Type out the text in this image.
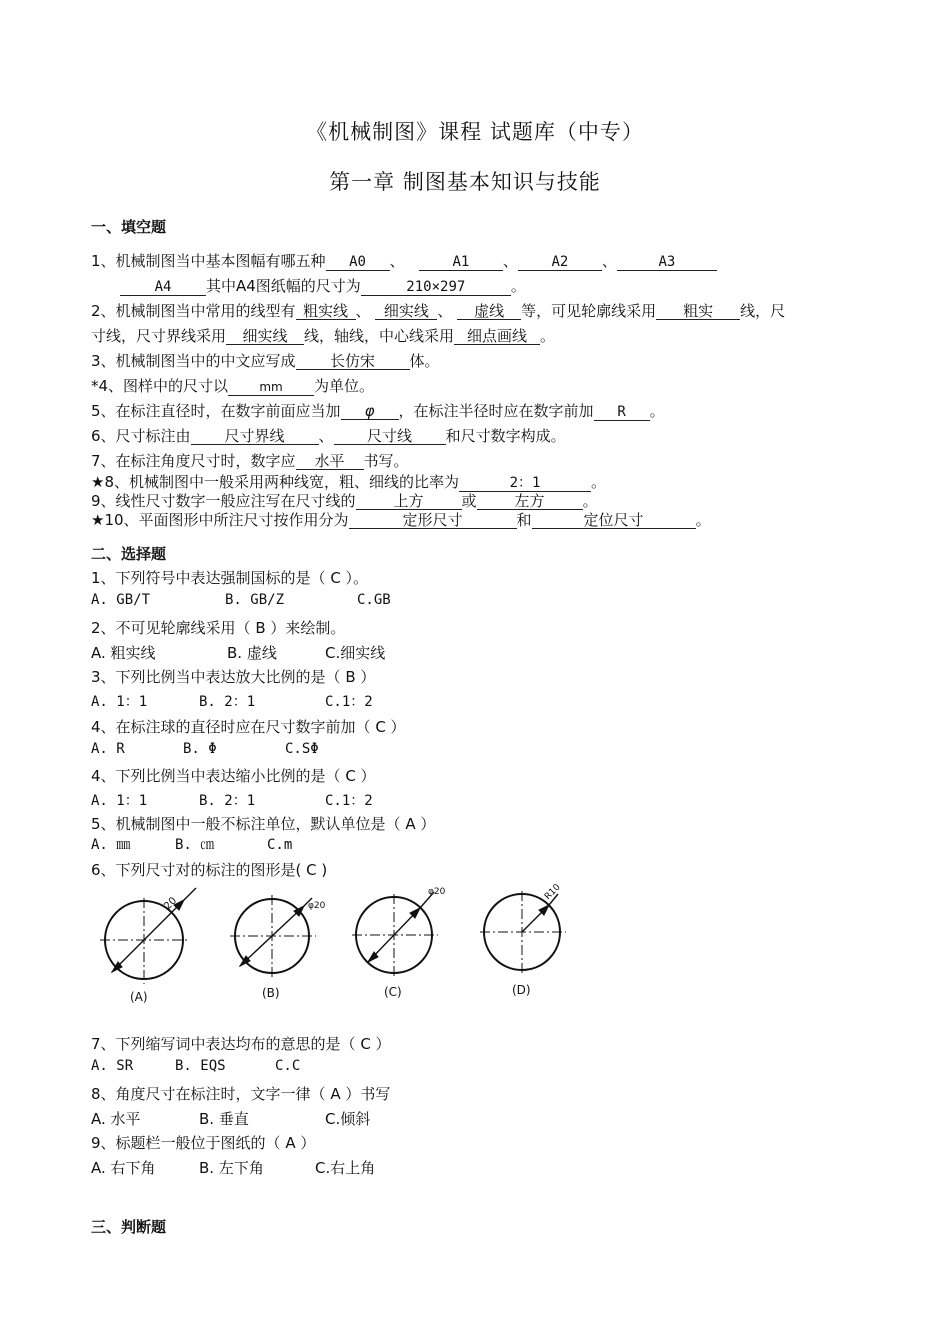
《机械制图》课程 试题库（中专）
第一章 制图基本知识与技能
一、填空题
1、机械制图当中基本图幅有哪五种 A0 、	A1 、 A2 、	A3
A4 其中A4图纸幅的尺寸为	210×297	。
2、机械制图当中常用的线型有 粗实线 、 细实线 、 虚线 等，可见轮廓线采用 粗实 线，尺
寸线，尺寸界线采用 细实线 线，轴线，中心线采用 细点画线 。
3、机械制图当中的中文应写成 长仿宋 体。
*4、图样中的尺寸以	mm 为单位。
5、在标注直径时，在数字前面应当加 φ ，在标注半径时应在数字前加 R 。
6、尺寸标注由 尺寸界线 、 尺寸线 和尺寸数字构成。
7、在标注角度尺寸时，数字应 水平 书写。
★8、机械制图中一般采用两种线宽，粗、细线的比率为	2：1	。
9、线性尺寸数字一般应注写在尺寸线的	上方	或	左方	。
★10、平面图形中所注尺寸按作用分为	定形尺寸	和	定位尺寸	。
二、选择题
1、下列符号中表达强制国标的是（ C ）。
A. GB/T	B. GB/Z	C.GB
2、不可见轮廓线采用（ B ）来绘制。
A. 粗实线	B. 虚线	C.细实线
3、下列比例当中表达放大比例的是（ B ）
A. 1：1	B. 2：1	C.1：2
4、在标注球的直径时应在尺寸数字前加（ C ）
A. R	B. Φ	C.SΦ
4、下列比例当中表达缩小比例的是（ C ）
A. 1：1	B. 2：1	C.1：2
5、机械制图中一般不标注单位，默认单位是（ A ）
A. ㎜	B. ㎝	C.m
6、下列尺寸对的标注的图形是( C )
20	φ20
φ20	R10
(A)	(B)	(C)	(D)
7、下列缩写词中表达均布的意思的是（ C ）
A. SR	B. EQS	C.C
8、角度尺寸在标注时，文字一律（ A ）书写
A. 水平	B. 垂直	C.倾斜
9、标题栏一般位于图纸的（ A ）
A. 右下角	B. 左下角	C.右上角
三、判断题
